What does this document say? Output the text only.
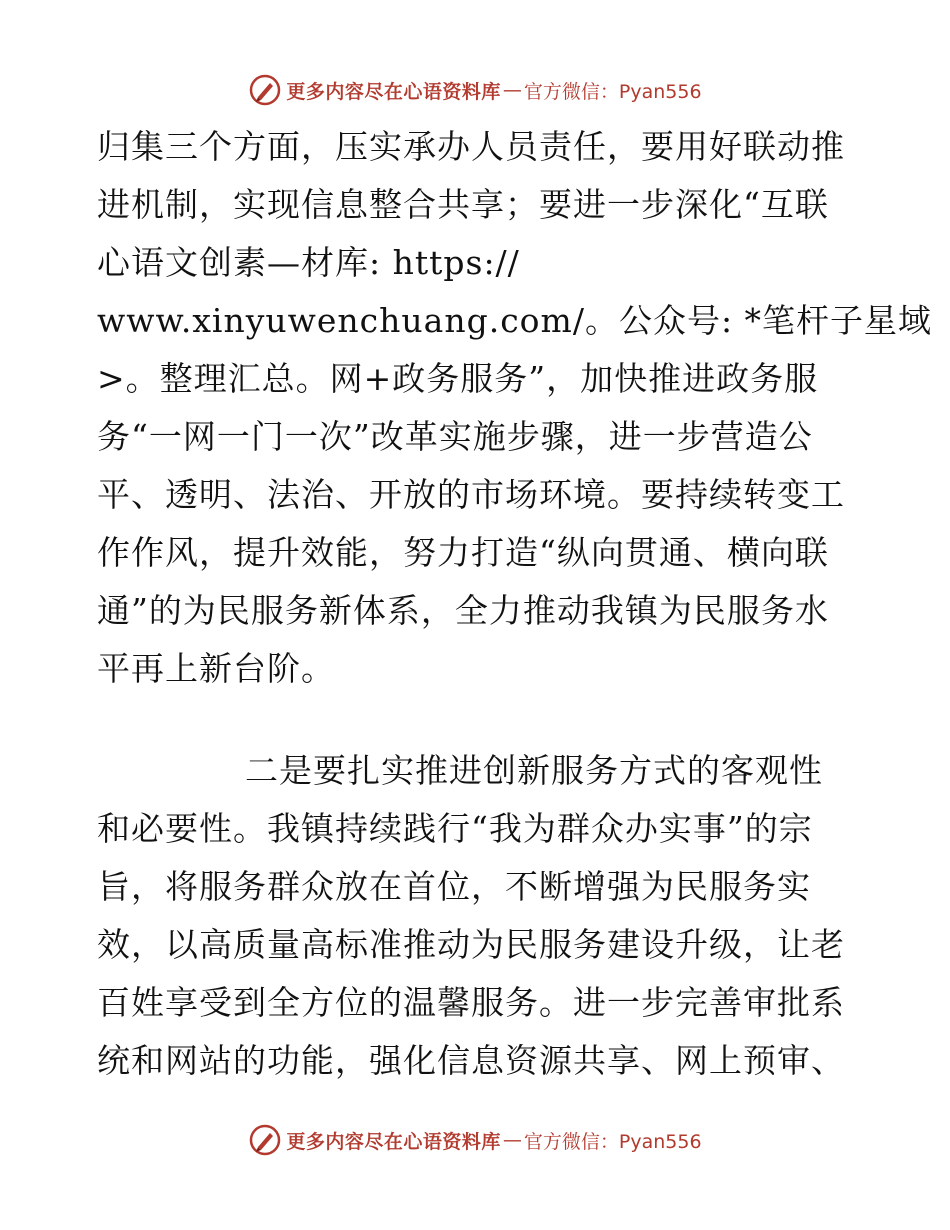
更多内容尽在心语资料库 — 官方微信：Pyan556
归集三个方面，压实承办人员责任，要用好联动推
进机制，实现信息整合共享；要进一步深化“互联
心语文创素—材库: https://
www.xinyuwenchuang.com/。公众号: *笔杆子星域
>。整理汇总。网+政务服务”，加快推进政务服
务“一网一门一次”改革实施步骤，进一步营造公
平、透明、法治、开放的市场环境。要持续转变工
作作风，提升效能，努力打造“纵向贯通、横向联
通”的为民服务新体系，全力推动我镇为民服务水
平再上新台阶。
二是要扎实推进创新服务方式的客观性
和必要性。我镇持续践行“我为群众办实事”的宗
旨，将服务群众放在首位，不断增强为民服务实
效，以高质量高标准推动为民服务建设升级，让老
百姓享受到全方位的温馨服务。进一步完善审批系
统和网站的功能，强化信息资源共享、网上预审、
更多内容尽在心语资料库 — 官方微信：Pyan556
